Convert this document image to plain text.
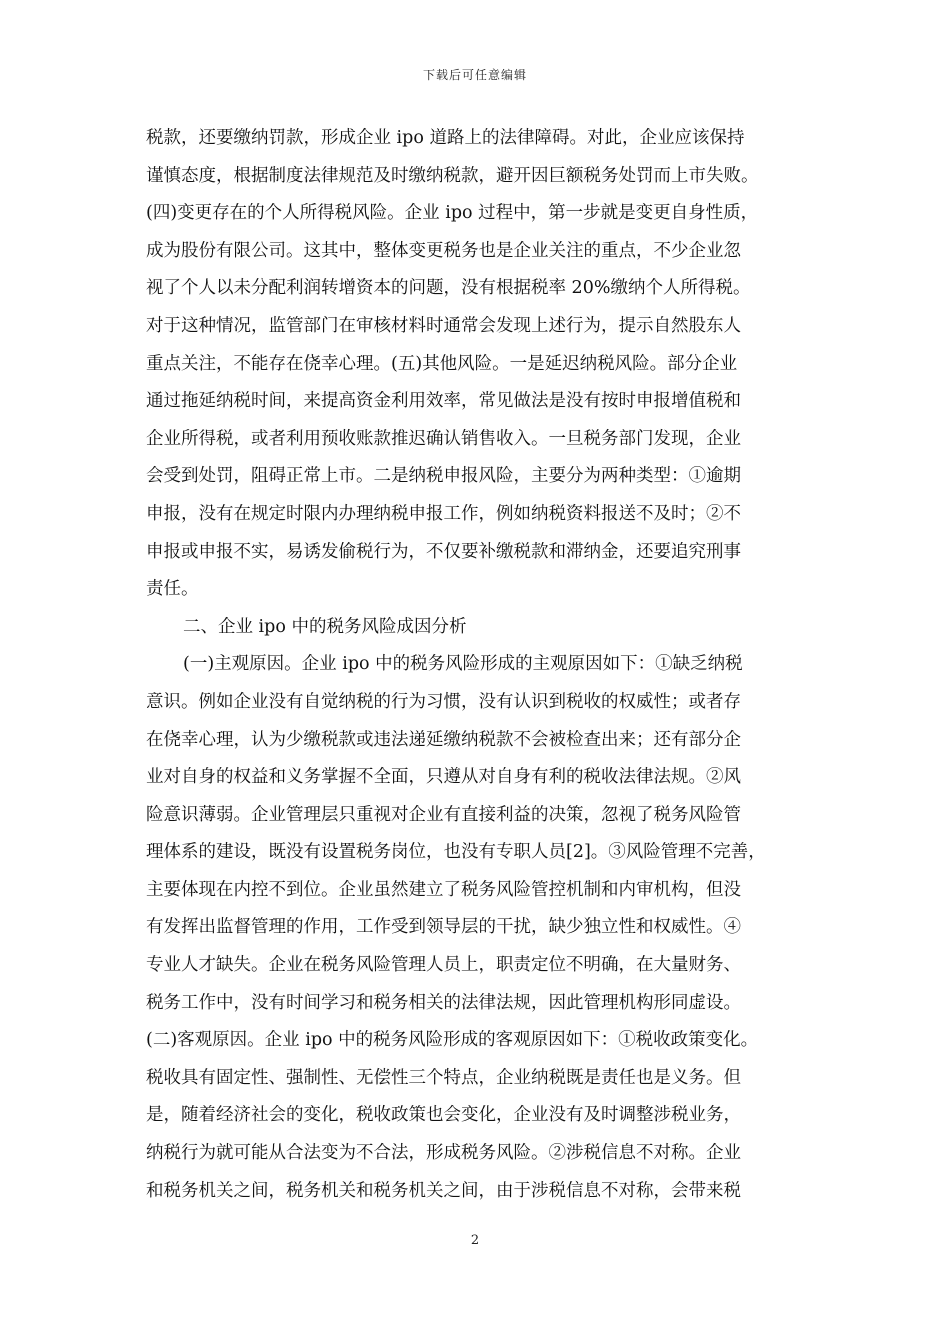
下载后可任意编辑
税款，还要缴纳罚款，形成企业 ipo 道路上的法律障碍。对此，企业应该保持
谨慎态度，根据制度法律规范及时缴纳税款，避开因巨额税务处罚而上市失败。
(四)变更存在的个人所得税风险。企业 ipo 过程中，第一步就是变更自身性质，
成为股份有限公司。这其中，整体变更税务也是企业关注的重点，不少企业忽
视了个人以未分配利润转增资本的问题，没有根据税率 20%缴纳个人所得税。
对于这种情况，监管部门在审核材料时通常会发现上述行为，提示自然股东人
重点关注，不能存在侥幸心理。(五)其他风险。一是延迟纳税风险。部分企业
通过拖延纳税时间，来提高资金利用效率，常见做法是没有按时申报增值税和
企业所得税，或者利用预收账款推迟确认销售收入。一旦税务部门发现，企业
会受到处罚，阻碍正常上市。二是纳税申报风险，主要分为两种类型：①逾期
申报，没有在规定时限内办理纳税申报工作，例如纳税资料报送不及时；②不
申报或申报不实，易诱发偷税行为，不仅要补缴税款和滞纳金，还要追究刑事
责任。
二、企业 ipo 中的税务风险成因分析
(一)主观原因。企业 ipo 中的税务风险形成的主观原因如下：①缺乏纳税
意识。例如企业没有自觉纳税的行为习惯，没有认识到税收的权威性；或者存
在侥幸心理，认为少缴税款或违法递延缴纳税款不会被检查出来；还有部分企
业对自身的权益和义务掌握不全面，只遵从对自身有利的税收法律法规。②风
险意识薄弱。企业管理层只重视对企业有直接利益的决策，忽视了税务风险管
理体系的建设，既没有设置税务岗位，也没有专职人员[2]。③风险管理不完善，
主要体现在内控不到位。企业虽然建立了税务风险管控机制和内审机构，但没
有发挥出监督管理的作用，工作受到领导层的干扰，缺少独立性和权威性。④
专业人才缺失。企业在税务风险管理人员上，职责定位不明确，在大量财务、
税务工作中，没有时间学习和税务相关的法律法规，因此管理机构形同虚设。
(二)客观原因。企业 ipo 中的税务风险形成的客观原因如下：①税收政策变化。
税收具有固定性、强制性、无偿性三个特点，企业纳税既是责任也是义务。但
是，随着经济社会的变化，税收政策也会变化，企业没有及时调整涉税业务，
纳税行为就可能从合法变为不合法，形成税务风险。②涉税信息不对称。企业
和税务机关之间，税务机关和税务机关之间，由于涉税信息不对称，会带来税
2
